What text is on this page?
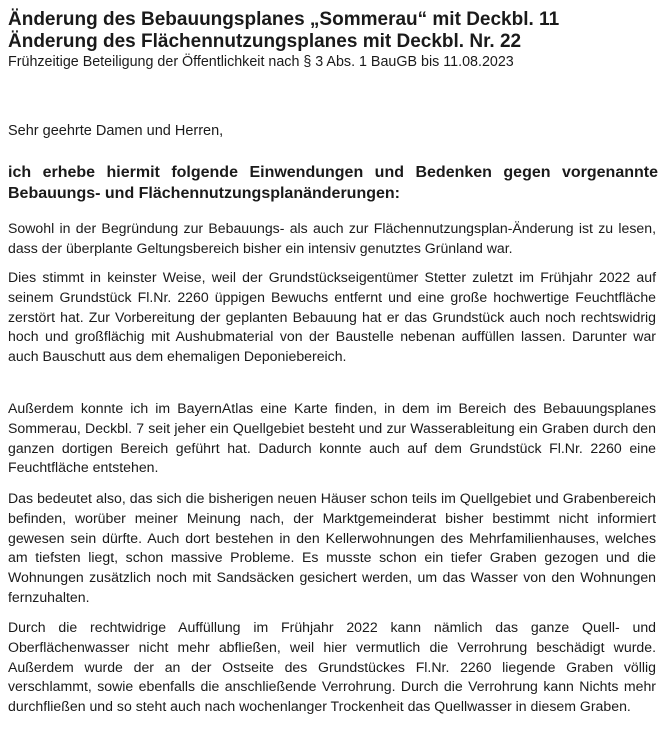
Änderung des Bebauungsplanes „Sommerau“ mit Deckbl. 11
Änderung des Flächennutzungsplanes mit Deckbl. Nr. 22
Frühzeitige Beteiligung der Öffentlichkeit nach § 3 Abs. 1 BauGB bis 11.08.2023
Sehr geehrte Damen und Herren,
ich erhebe hiermit folgende Einwendungen und Bedenken gegen vorgenannte Bebauungs- und Flächennutzungsplanänderungen:

Sowohl in der Begründung zur Bebauungs- als auch zur Flächennutzungsplan-Änderung ist zu lesen, dass der überplante Geltungsbereich bisher ein intensiv genutztes Grünland war.

Dies stimmt in keinster Weise, weil der Grundstückseigentümer Stetter zuletzt im Frühjahr 2022 auf seinem Grundstück Fl.Nr. 2260 üppigen Bewuchs entfernt und eine große hochwertige Feuchtfläche zerstört hat. Zur Vorbereitung der geplanten Bebauung hat er das Grundstück auch noch rechtswidrig hoch und großflächig mit Aushubmaterial von der Baustelle nebenan auffüllen lassen. Darunter war auch Bauschutt aus dem ehemaligen Deponiebereich.

Außerdem konnte ich im BayernAtlas eine Karte finden, in dem im Bereich des Bebauungsplanes Sommerau, Deckbl. 7 seit jeher ein Quellgebiet besteht und zur Wasserableitung ein Graben durch den ganzen dortigen Bereich geführt hat. Dadurch konnte auch auf dem Grundstück Fl.Nr. 2260 eine Feuchtfläche entstehen.

Das bedeutet also, das sich die bisherigen neuen Häuser schon teils im Quellgebiet und Grabenbereich befinden, worüber meiner Meinung nach, der Marktgemeinderat bisher bestimmt nicht informiert gewesen sein dürfte. Auch dort bestehen in den Kellerwohnungen des Mehrfamilienhauses, welches am tiefsten liegt, schon massive Probleme. Es musste schon ein tiefer Graben gezogen und die Wohnungen zusätzlich noch mit Sandsäcken gesichert werden, um das Wasser von den Wohnungen fernzuhalten.

Durch die rechtwidrige Auffüllung im Frühjahr 2022 kann nämlich das ganze Quell- und Oberflächenwasser nicht mehr abfließen, weil hier vermutlich die Verrohrung beschädigt wurde. Außerdem wurde der an der Ostseite des Grundstückes Fl.Nr. 2260 liegende Graben völlig verschlammt, sowie ebenfalls die anschließende Verrohrung. Durch die Verrohrung kann Nichts mehr durchfließen und so steht auch nach wochenlanger Trockenheit das Quellwasser in diesem Graben.
